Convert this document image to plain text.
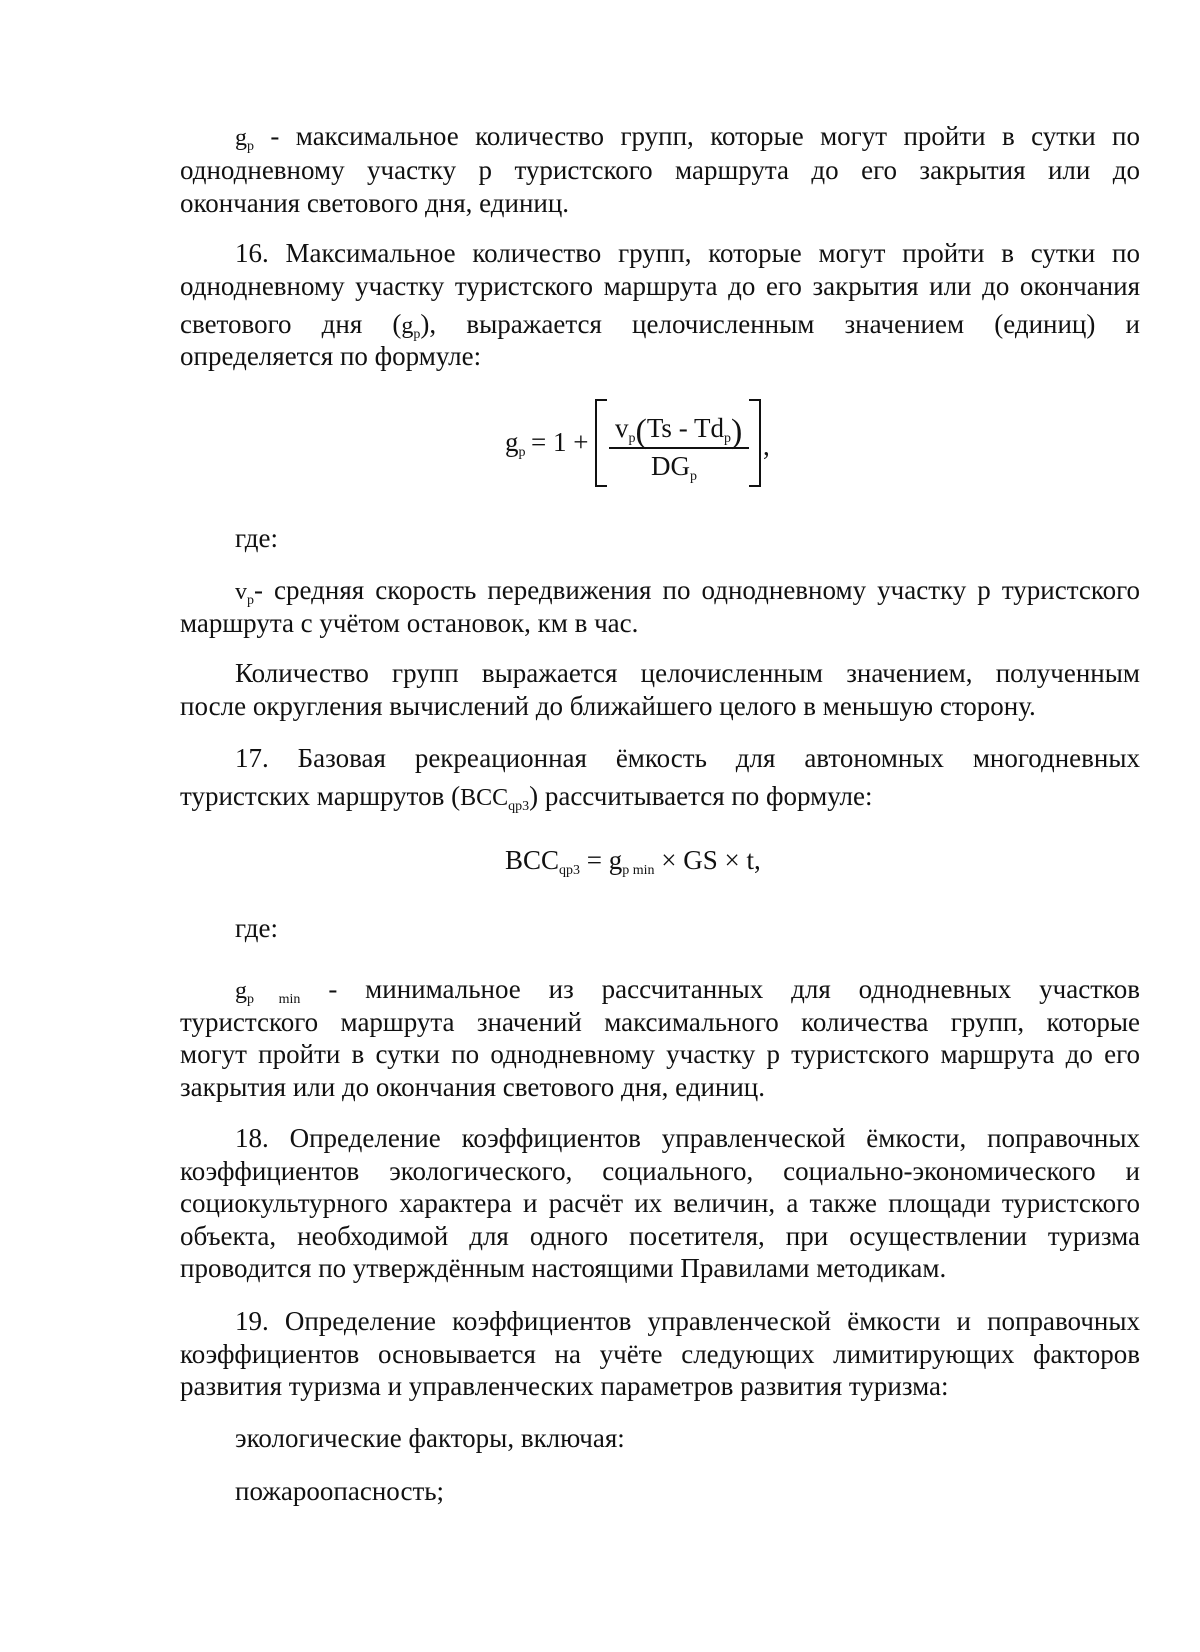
$g_p$ - максимальное количество групп, которые могут пройти в сутки по
однодневному участку р туристского маршрута до его закрытия или до
окончания светового дня, единиц.
16. Максимальное количество групп, которые могут пройти в сутки по
однодневному участку туристского маршрута до его закрытия или до окончания
светового дня $(g_p)$, выражается целочисленным значением (единиц) и
определяется по формуле:
$g_p = 1 + v_p(Ts - Td_p)$
$DG_p$
,
где:
$v_p-$ средняя скорость передвижения по однодневному участку р туристского
маршрута с учётом остановок, км в час.
Количество групп выражается целочисленным значением, полученным
после округления вычислений до ближайшего целого в меньшую сторону.
17. Базовая рекреационная ёмкость для автономных многодневных
туристских маршрутов $(BCC_{qp3})$ рассчитывается по формуле:
$BCC_{qp3} = g_{p min}$ × GS × t,
где:
$g_{p min}$ - минимальное из рассчитанных для однодневных участков
туристского маршрута значений максимального количества групп, которые
могут пройти в сутки по однодневному участку р туристского маршрута до его
закрытия или до окончания светового дня, единиц.
18. Определение коэффициентов управленческой ёмкости, поправочных
коэффициентов экологического, социального, социально-экономического и
социокультурного характера и расчёт их величин, а также площади туристского
объекта, необходимой для одного посетителя, при осуществлении туризма
проводится по утверждённым настоящими Правилами методикам.
19. Определение коэффициентов управленческой ёмкости и поправочных
коэффициентов основывается на учёте следующих лимитирующих факторов
развития туризма и управленческих параметров развития туризма:
экологические факторы, включая:
пожароопасность;
